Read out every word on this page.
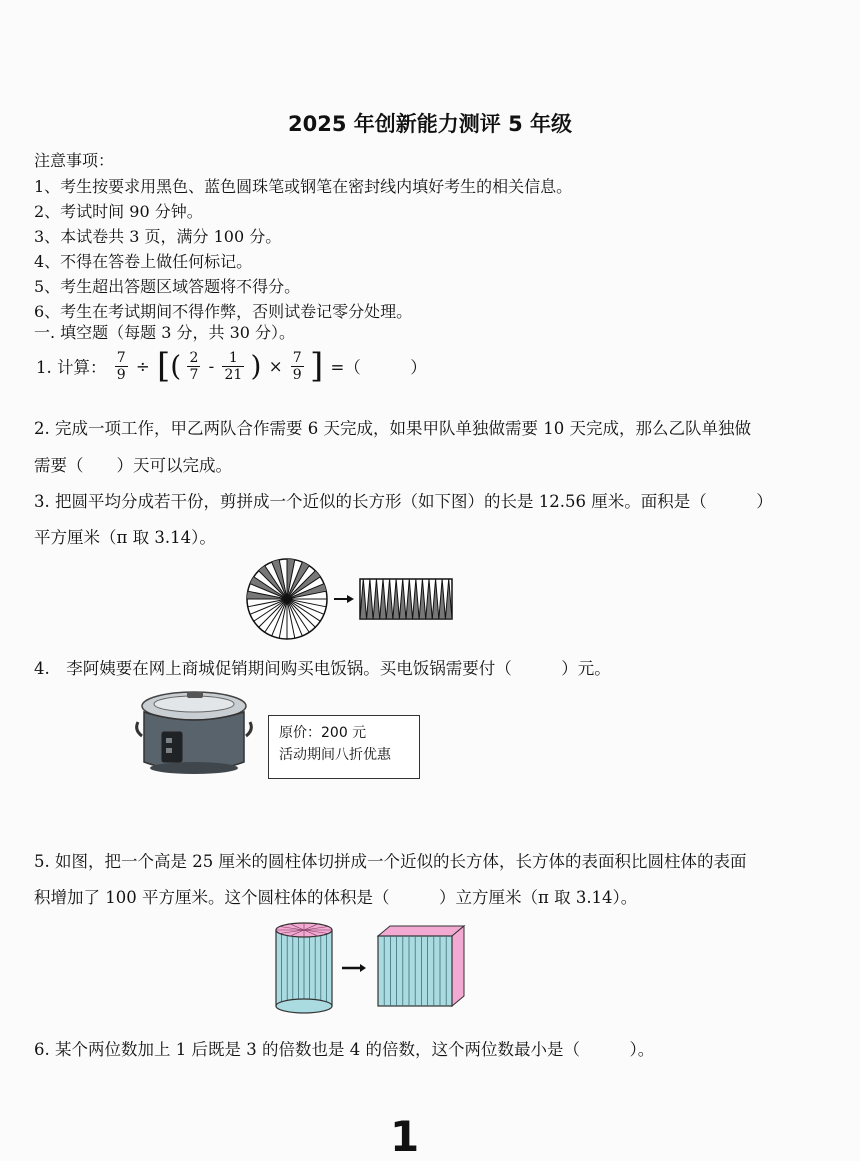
2025 年创新能力测评 5 年级
注意事项：
1、考生按要求用黑色、蓝色圆珠笔或钢笔在密封线内填好考生的相关信息。
2、考试时间 90 分钟。
3、本试卷共 3 页，满分 100 分。
4、不得在答卷上做任何标记。
5、考生超出答题区域答题将不得分。
6、考生在考试期间不得作弊，否则试卷记零分处理。
一. 填空题（每题 3 分，共 30 分）。
1. 计算： $\frac{7}{9}$ ÷ [( $\frac{2}{7} - \frac{1}{21}$ ) × $\frac{7}{9}$ ] =（　　　）
2. 完成一项工作，甲乙两队合作需要 6 天完成，如果甲队单独做需要 10 天完成，那么乙队单独做
需要（　　）天可以完成。
3. 把圆平均分成若干份，剪拼成一个近似的长方形（如下图）的长是 12.56 厘米。面积是（　　　）
平方厘米（π 取 3.14）。
4.　李阿姨要在网上商城促销期间购买电饭锅。买电饭锅需要付（　　　）元。
原价：200 元
活动期间八折优惠
5. 如图，把一个高是 25 厘米的圆柱体切拼成一个近似的长方体，长方体的表面积比圆柱体的表面
积增加了 100 平方厘米。这个圆柱体的体积是（　　　）立方厘米（π 取 3.14）。
6. 某个两位数加上 1 后既是 3 的倍数也是 4 的倍数，这个两位数最小是（　　　）。
1
